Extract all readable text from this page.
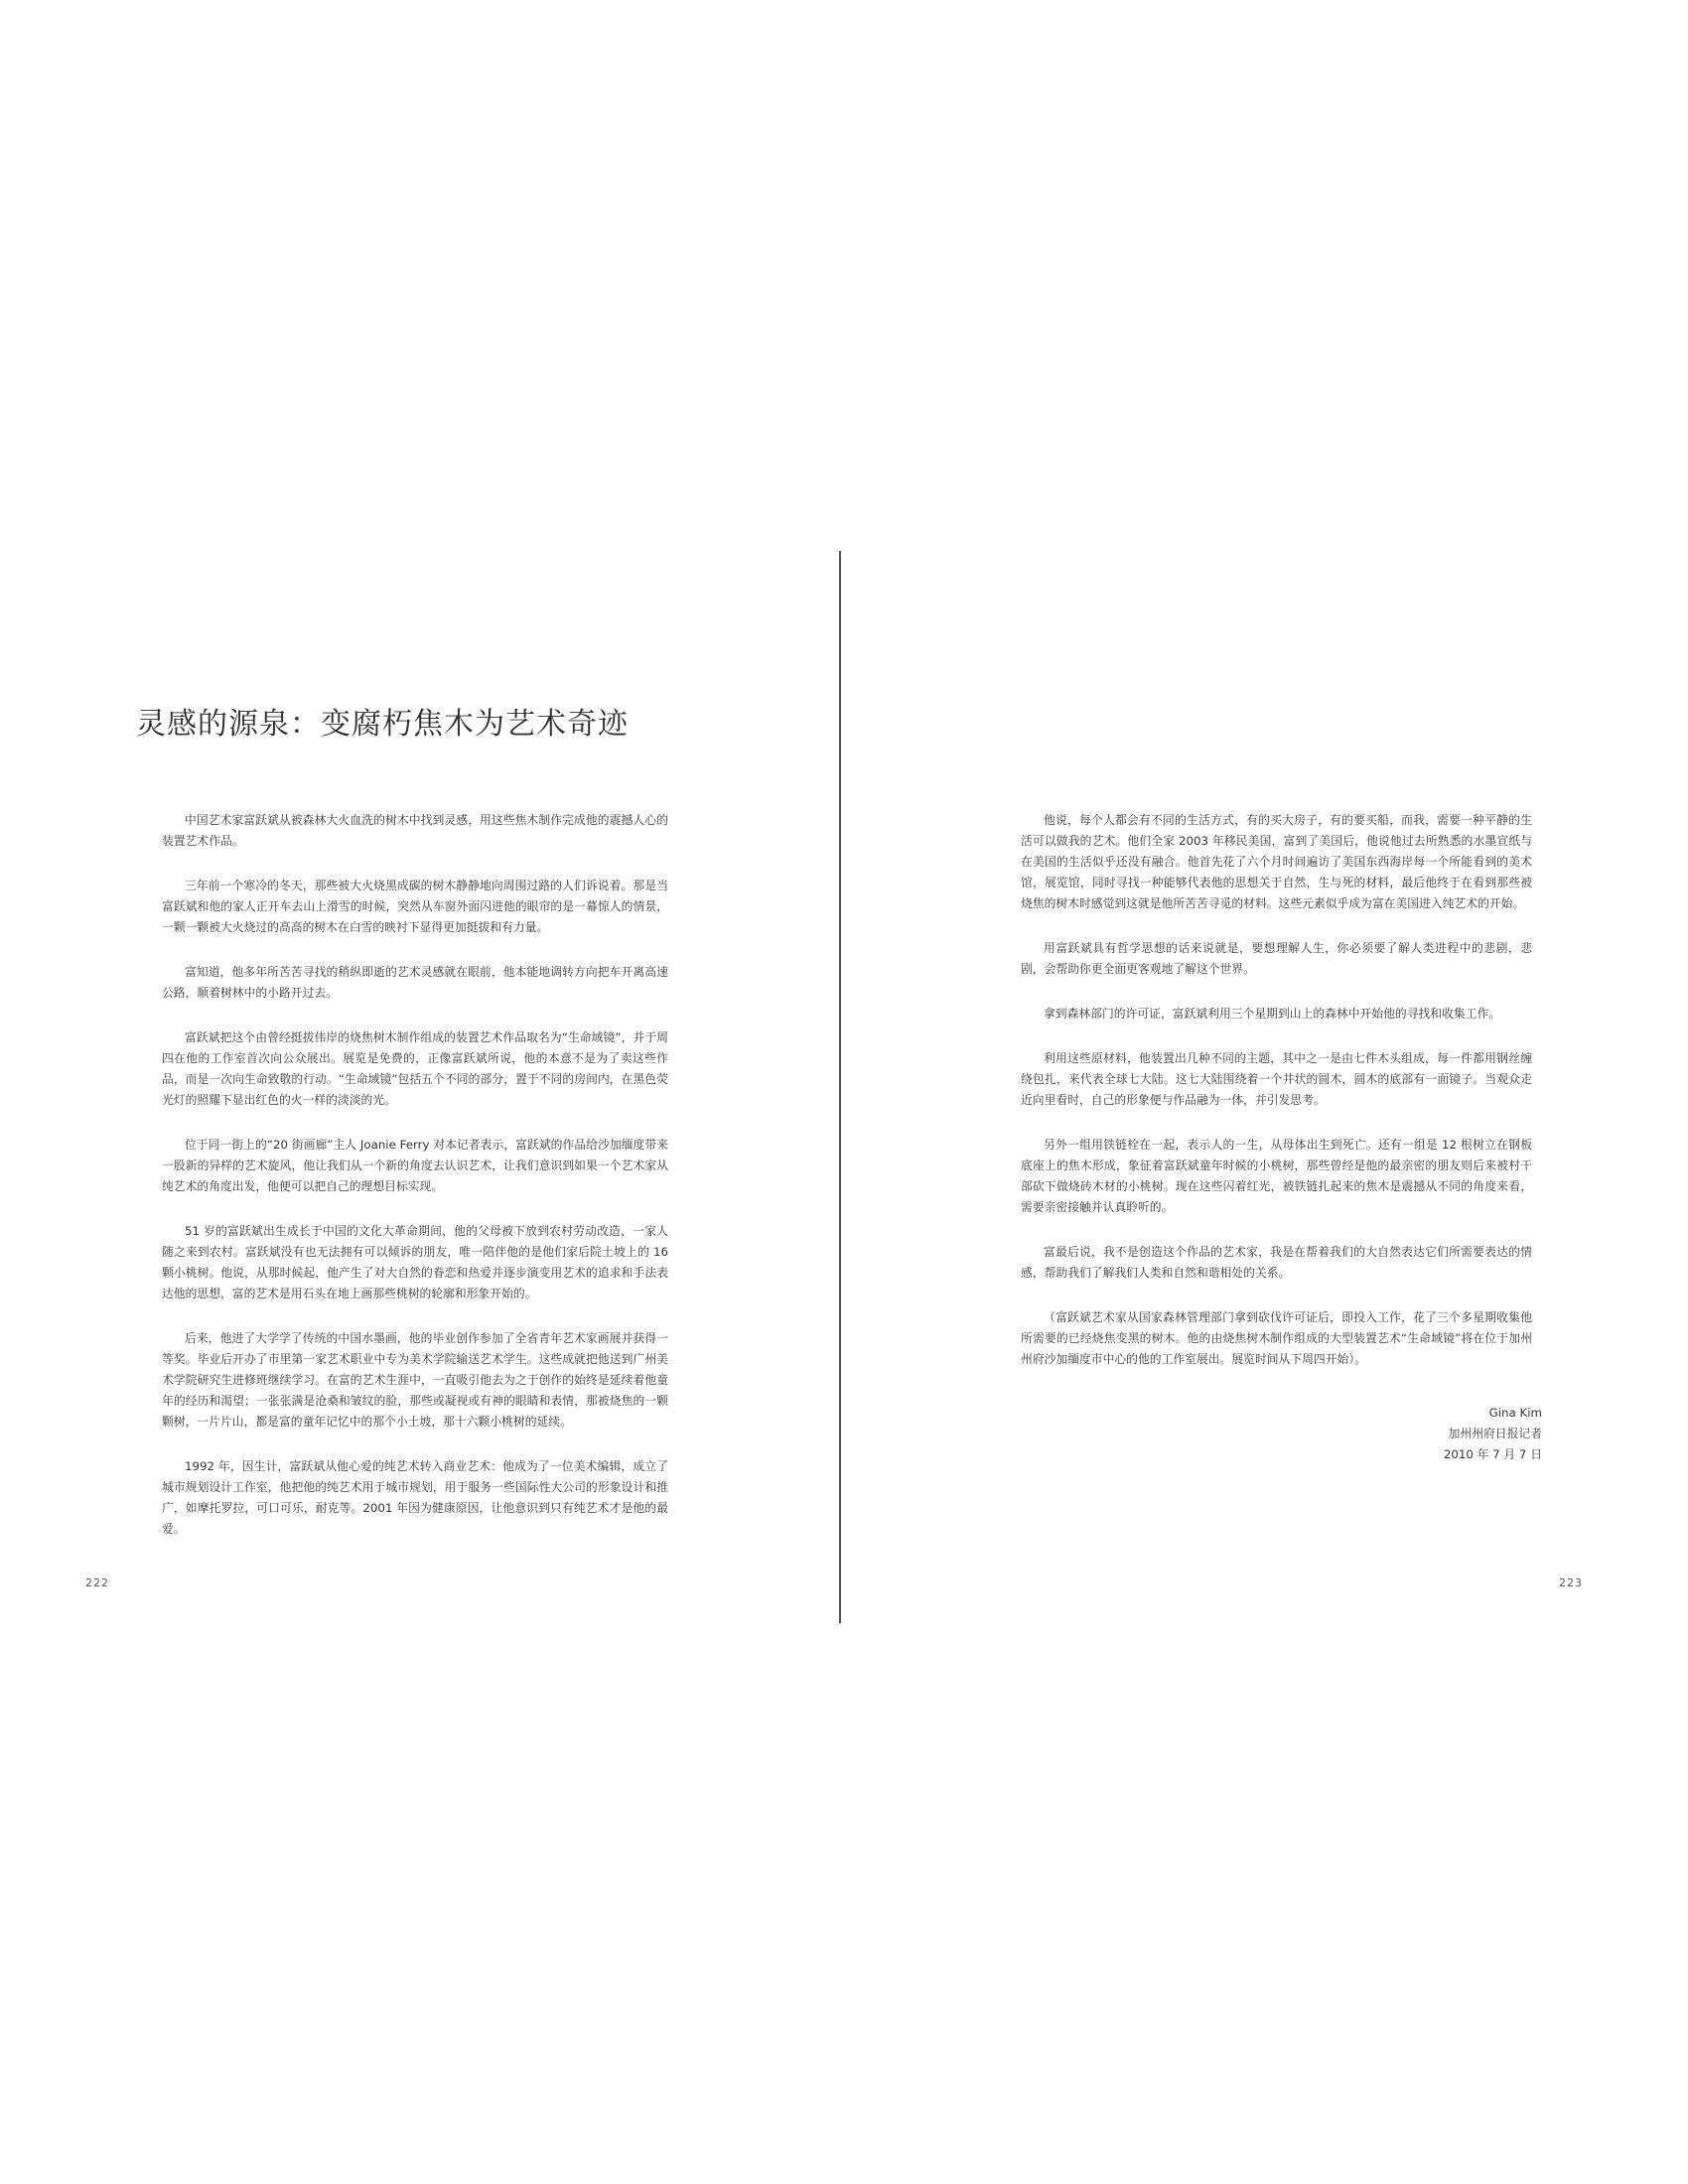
灵感的源泉：变腐朽焦木为艺术奇迹

中国艺术家富跃斌从被森林大火血洗的树木中找到灵感，用这些焦木制作完成他的震撼人心的装置艺术作品。

三年前一个寒冷的冬天，那些被大火烧黑成碳的树木静静地向周围过路的人们诉说着。那是当富跃斌和他的家人正开车去山上滑雪的时候，突然从车窗外面闪进他的眼帘的是一幕惊人的情景，一颗一颗被大火烧过的高高的树木在白雪的映衬下显得更加挺拔和有力量。

富知道，他多年所苦苦寻找的稍纵即逝的艺术灵感就在眼前，他本能地调转方向把车开离高速公路，顺着树林中的小路开过去。

富跃斌把这个由曾经挺拔伟岸的烧焦树木制作组成的装置艺术作品取名为“生命域镜”，并于周四在他的工作室首次向公众展出。展览是免费的，正像富跃斌所说，他的本意不是为了卖这些作品，而是一次向生命致敬的行动。“生命域镜”包括五个不同的部分，置于不同的房间内，在黑色荧光灯的照耀下显出红色的火一样的淡淡的光。

位于同一街上的“20 街画廊”主人 Joanie Ferry 对本记者表示，富跃斌的作品给沙加缅度带来一股新的异样的艺术旋风，他让我们从一个新的角度去认识艺术，让我们意识到如果一个艺术家从纯艺术的角度出发，他便可以把自己的理想目标实现。

51 岁的富跃斌出生成长于中国的文化大革命期间，他的父母被下放到农村劳动改造，一家人随之来到农村。富跃斌没有也无法拥有可以倾诉的朋友，唯一陪伴他的是他们家后院土坡上的 16 颗小桃树。他说，从那时候起，他产生了对大自然的眷恋和热爱并逐步演变用艺术的追求和手法表达他的思想，富的艺术是用石头在地上画那些桃树的轮廓和形象开始的。

后来，他进了大学学了传统的中国水墨画，他的毕业创作参加了全省青年艺术家画展并获得一等奖。毕业后开办了市里第一家艺术职业中专为美术学院输送艺术学生。这些成就把他送到广州美术学院研究生进修班继续学习。在富的艺术生涯中，一直吸引他去为之于创作的始终是延续着他童年的经历和渴望；一张张满是沧桑和皱纹的脸，那些或凝视或有神的眼睛和表情，那被烧焦的一颗颗树，一片片山，都是富的童年记忆中的那个小土坡，那十六颗小桃树的延续。

1992 年，因生计，富跃斌从他心爱的纯艺术转入商业艺术：他成为了一位美术编辑，成立了城市规划设计工作室，他把他的纯艺术用于城市规划，用于服务一些国际性大公司的形象设计和推广，如摩托罗拉，可口可乐，耐克等。2001 年因为健康原因，让他意识到只有纯艺术才是他的最爱。

他说，每个人都会有不同的生活方式，有的买大房子，有的要买船，而我，需要一种平静的生活可以做我的艺术。他们全家 2003 年移民美国，富到了美国后，他说他过去所熟悉的水墨宣纸与在美国的生活似乎还没有融合。他首先花了六个月时间遍访了美国东西海岸每一个所能看到的美术馆，展览馆，同时寻找一种能够代表他的思想关于自然，生与死的材料，最后他终于在看到那些被烧焦的树木时感觉到这就是他所苦苦寻觅的材料。这些元素似乎成为富在美国进入纯艺术的开始。

用富跃斌具有哲学思想的话来说就是，要想理解人生，你必须要了解人类进程中的悲剧，悲剧，会帮助你更全面更客观地了解这个世界。

拿到森林部门的许可证，富跃斌利用三个星期到山上的森林中开始他的寻找和收集工作。

利用这些原材料，他装置出几种不同的主题，其中之一是由七件木头组成，每一件都用钢丝缠绕包扎，来代表全球七大陆。这七大陆围绕着一个井状的圆木，圆木的底部有一面镜子。当观众走近向里看时，自己的形象便与作品融为一体，并引发思考。

另外一组用铁链栓在一起，表示人的一生，从母体出生到死亡。还有一组是 12 根树立在钢板底座上的焦木形成，象征着富跃斌童年时候的小桃树，那些曾经是他的最亲密的朋友则后来被村干部砍下做烧砖木材的小桃树。现在这些闪着红光，被铁链扎起来的焦木是震撼从不同的角度来看，需要亲密接触并认真聆听的。

富最后说，我不是创造这个作品的艺术家，我是在帮着我们的大自然表达它们所需要表达的情感，帮助我们了解我们人类和自然和谐相处的关系。

（富跃斌艺术家从国家森林管理部门拿到砍伐许可证后，即投入工作，花了三个多星期收集他所需要的已经烧焦变黑的树木。他的由烧焦树木制作组成的大型装置艺术“生命域镜”将在位于加州州府沙加缅度市中心的他的工作室展出。展览时间从下周四开始）。

Gina Kim
加州州府日报记者
2010 年 7 月 7 日
222	223
